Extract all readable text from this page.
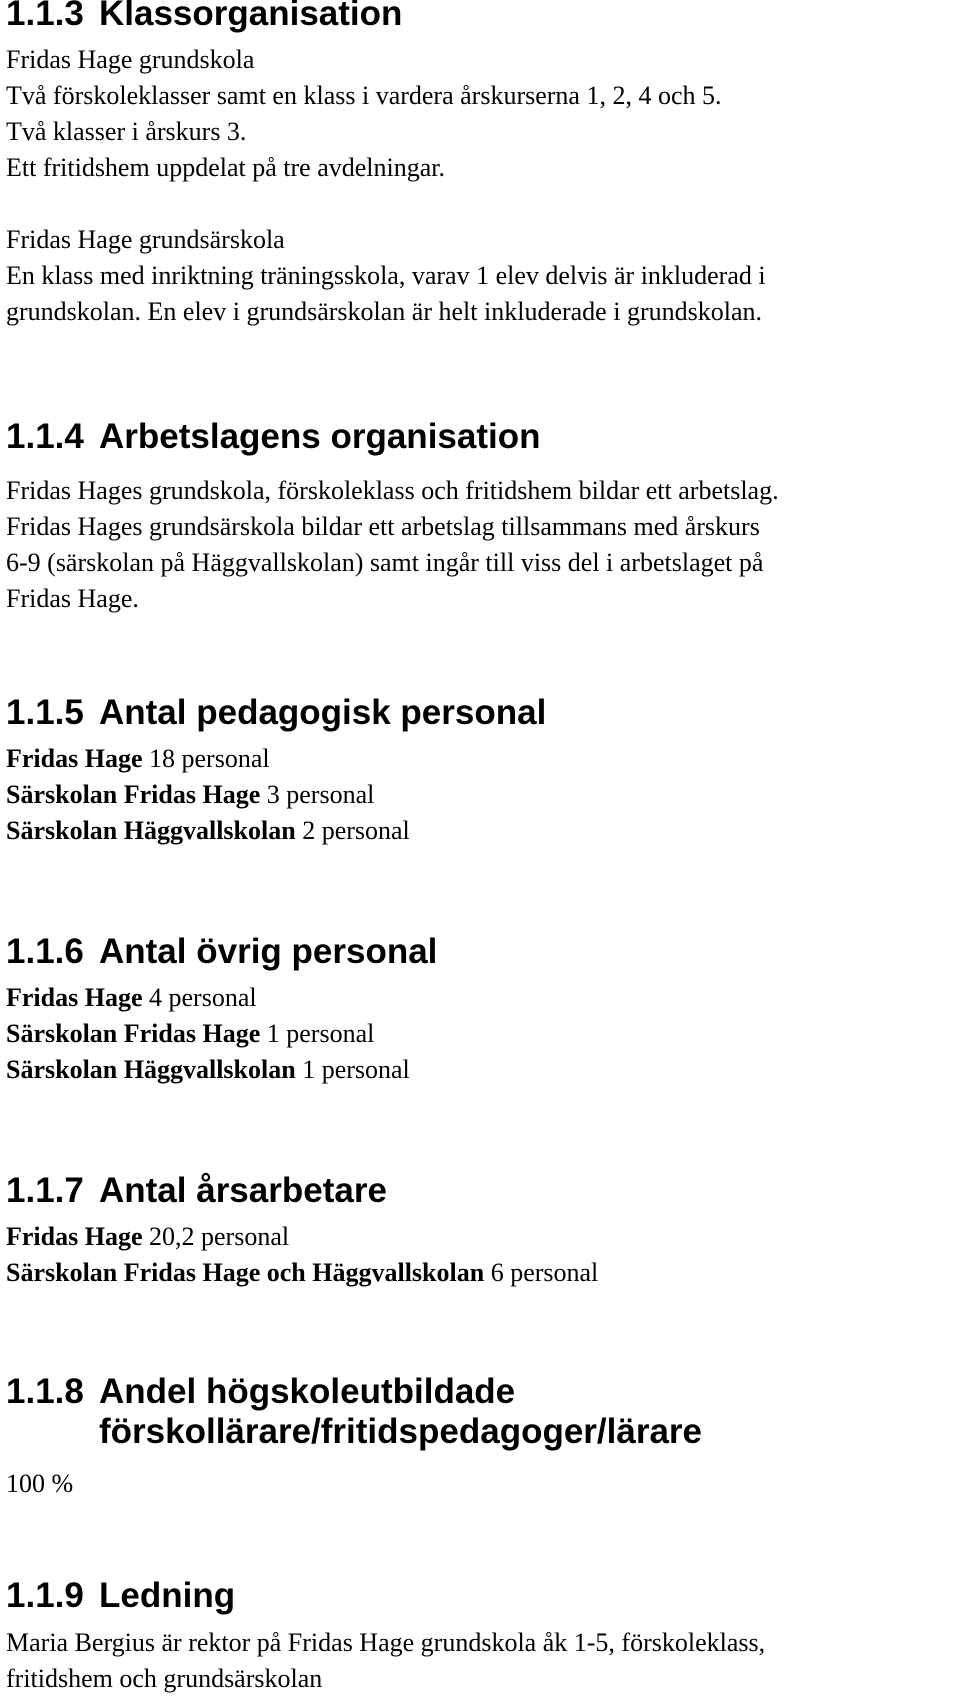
1.1.3 Klassorganisation
Fridas Hage grundskola
Två förskoleklasser samt en klass i vardera årskurserna 1, 2, 4 och 5.
Två klasser i årskurs 3.
Ett fritidshem uppdelat på tre avdelningar.
Fridas Hage grundsärskola
En klass med inriktning träningsskola, varav 1 elev delvis är inkluderad i
grundskolan. En elev i grundsärskolan är helt inkluderade i grundskolan.
1.1.4 Arbetslagens organisation
Fridas Hages grundskola, förskoleklass och fritidshem bildar ett arbetslag.
Fridas Hages grundsärskola bildar ett arbetslag tillsammans med årskurs
6-9 (särskolan på Häggvallskolan) samt ingår till viss del i arbetslaget på
Fridas Hage.
1.1.5 Antal pedagogisk personal
Fridas Hage 18 personal
Särskolan Fridas Hage 3 personal
Särskolan Häggvallskolan 2 personal
1.1.6 Antal övrig personal
Fridas Hage 4 personal
Särskolan Fridas Hage 1 personal
Särskolan Häggvallskolan 1 personal
1.1.7 Antal årsarbetare
Fridas Hage 20,2 personal
Särskolan Fridas Hage och Häggvallskolan 6 personal
1.1.8 Andel högskoleutbildade
förskollärare/fritidspedagoger/lärare
100 %
1.1.9 Ledning
Maria Bergius är rektor på Fridas Hage grundskola åk 1-5, förskoleklass,
fritidshem och grundsärskolan
